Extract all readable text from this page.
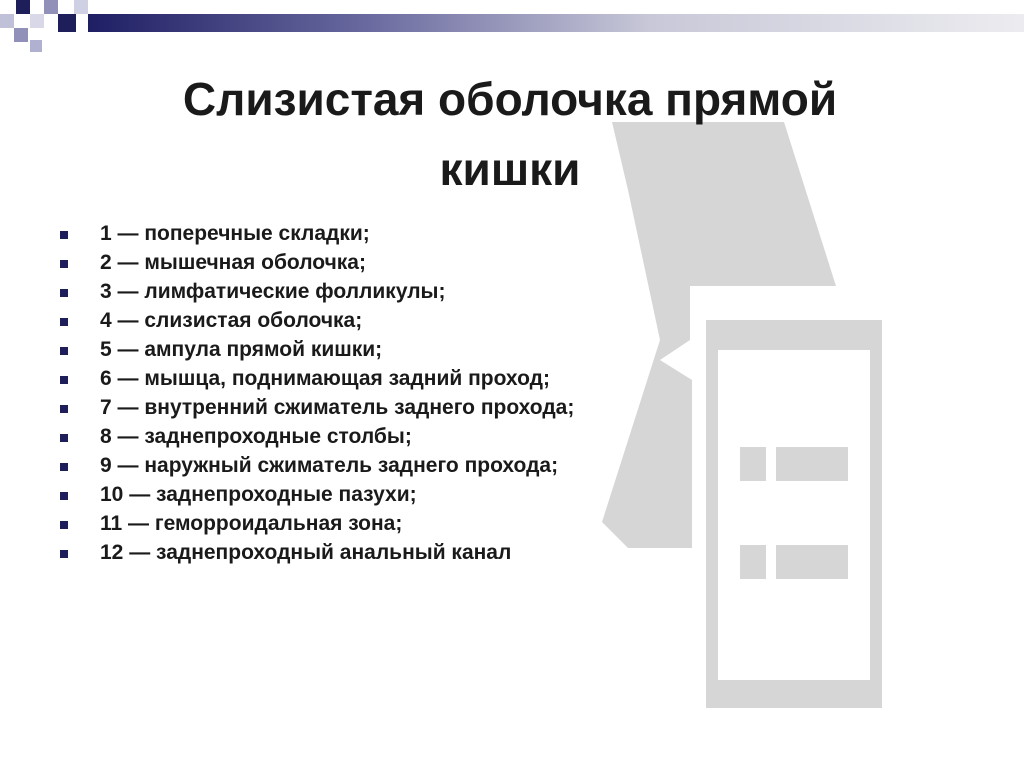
Слизистая оболочка прямой
кишки
1 — поперечные складки;
2 — мышечная оболочка;
3 — лимфатические фолликулы;
4 — слизистая оболочка;
5 — ампула прямой кишки;
6 — мышца, поднимающая задний проход;
7 — внутренний сжиматель заднего прохода;
8 — заднепроходные столбы;
9 — наружный сжиматель заднего прохода;
10 — заднепроходные пазухи;
11 — геморроидальная зона;
12 — заднепроходный анальный канал
